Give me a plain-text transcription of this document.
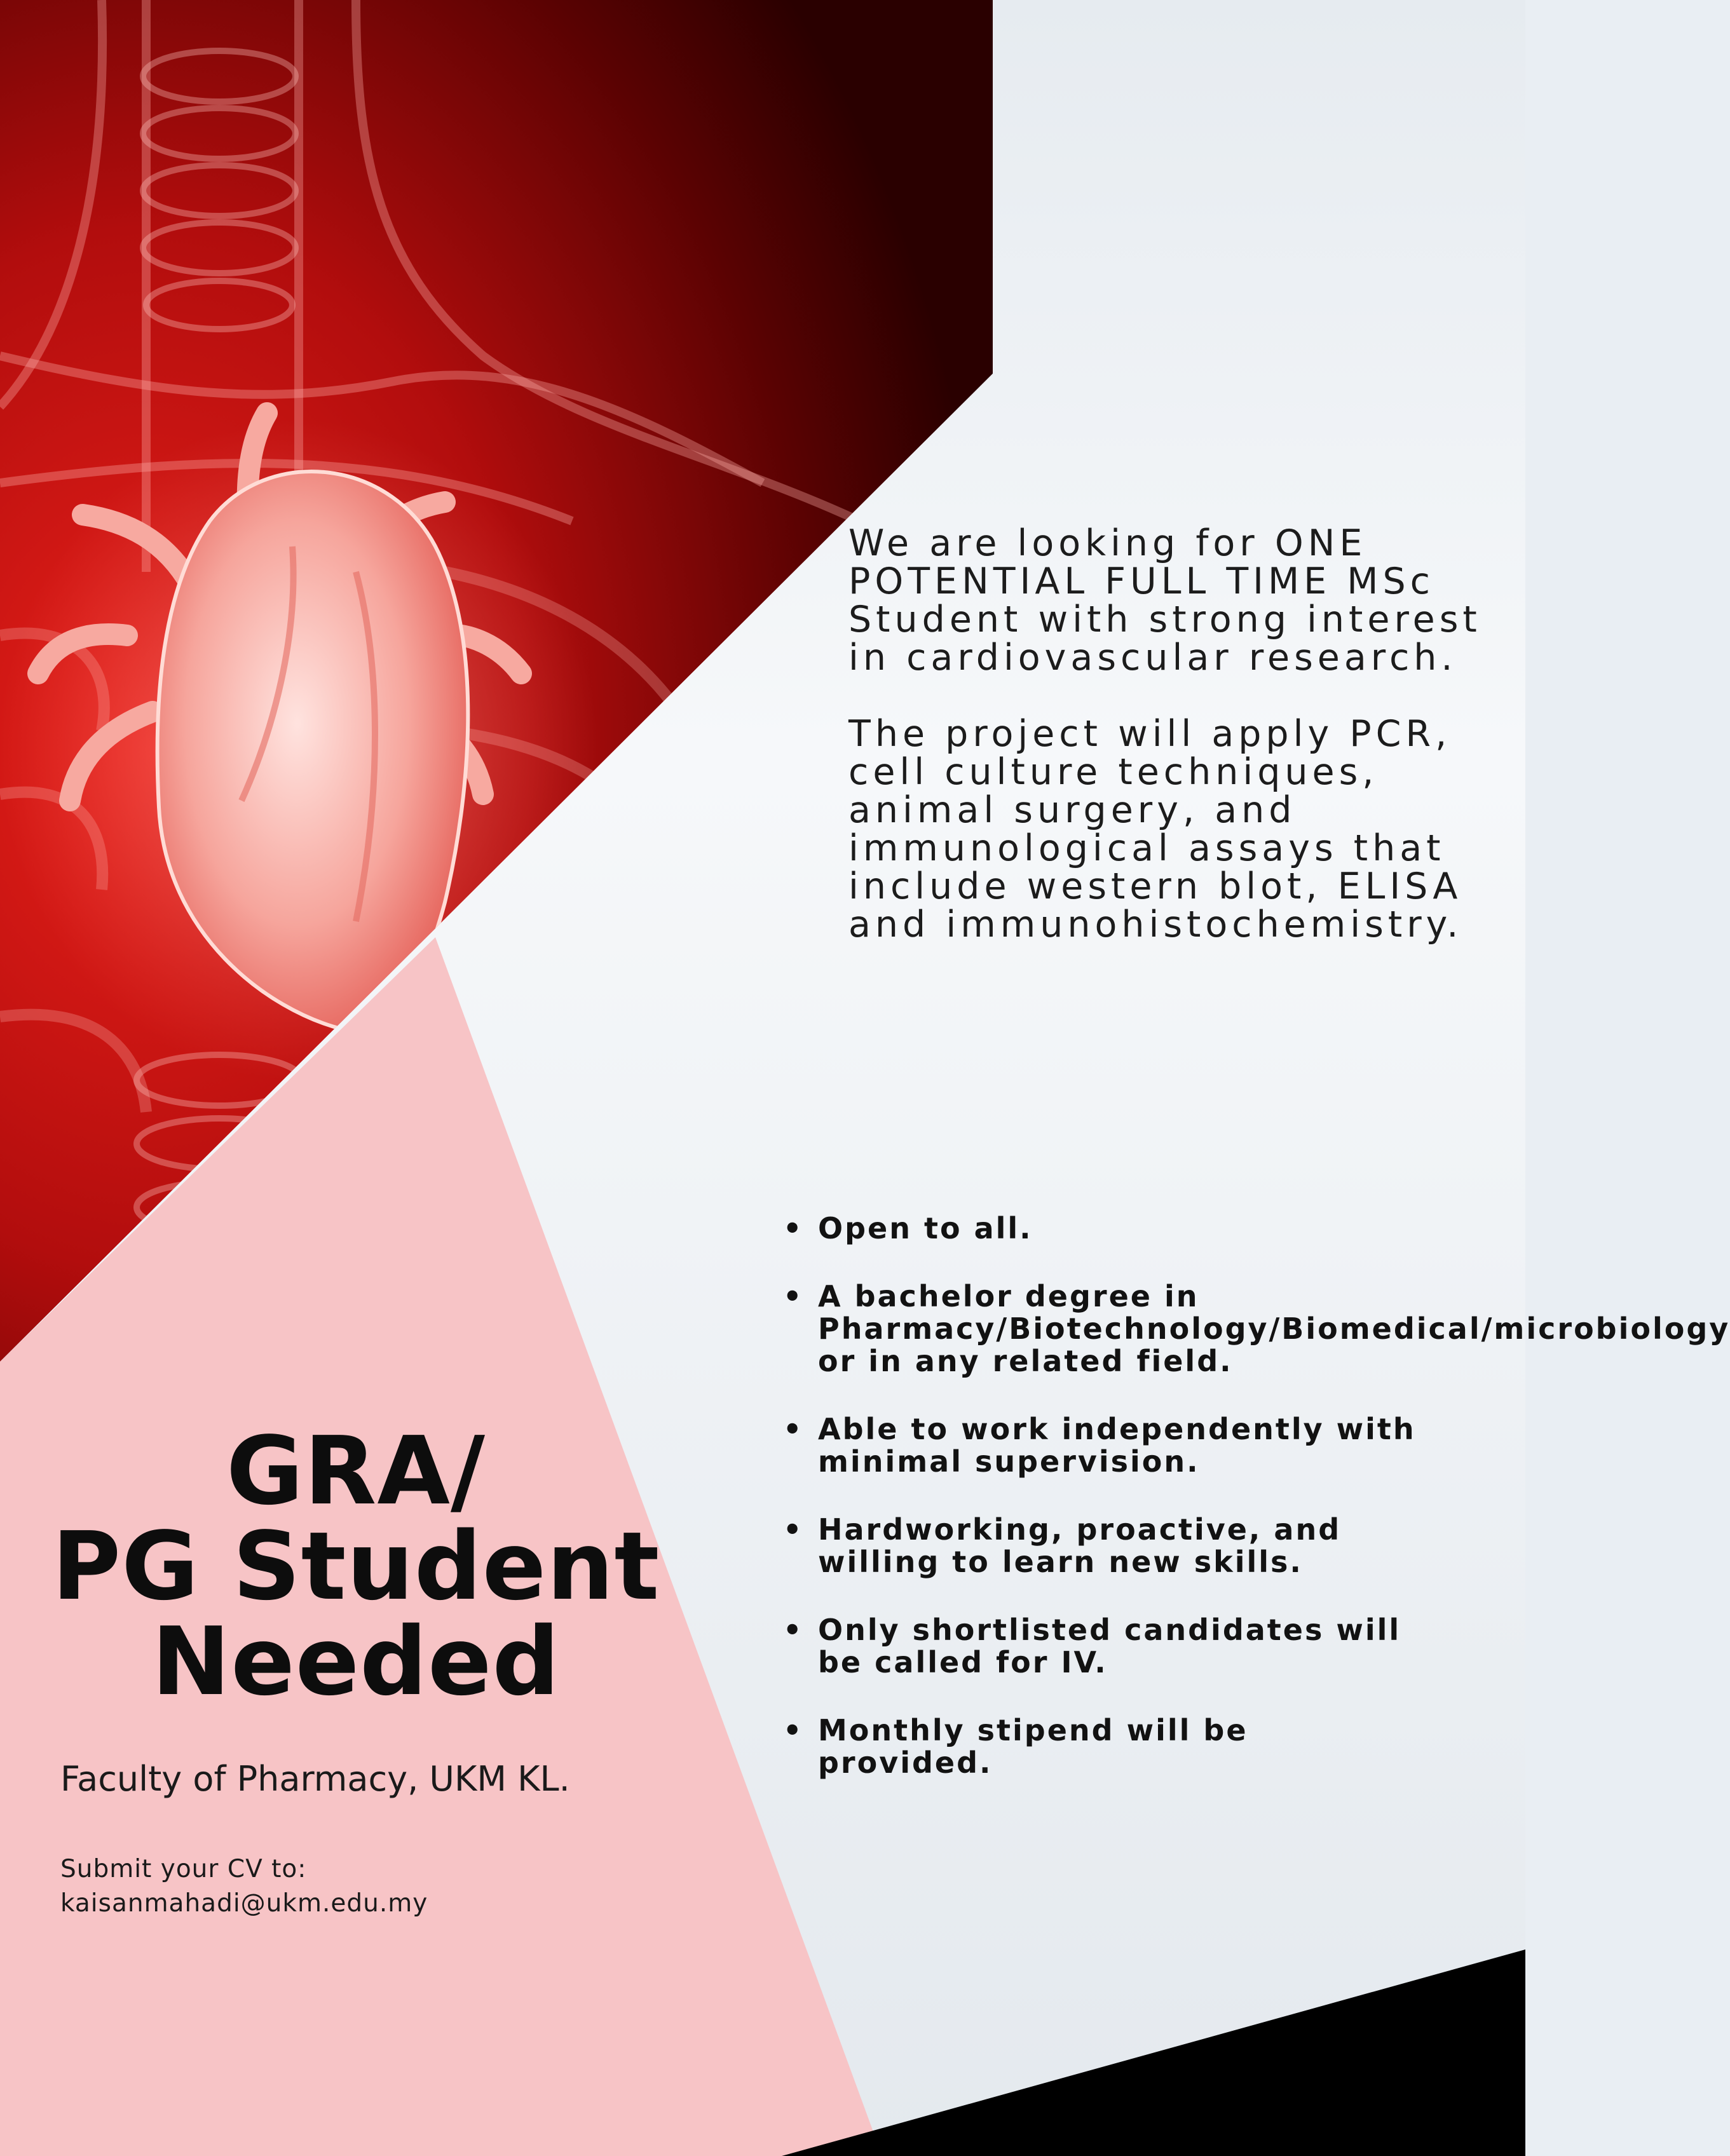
We are looking for ONE POTENTIAL FULL TIME MSc Student with strong interest in cardiovascular research.

The project will apply PCR, cell culture techniques, animal surgery, and immunological assays that include western blot, ELISA and immunohistochemistry.

• Open to all.
• A bachelor degree in Pharmacy/Biotechnology/Biomedical/microbiology or in any related field.
• Able to work independently with minimal supervision.
• Hardworking, proactive, and willing to learn new skills.
• Only shortlisted candidates will be called for IV.
• Monthly stipend will be provided.
GRA/
PG Student
Needed
Faculty of Pharmacy, UKM KL.
Submit your CV to:
kaisanmahadi@ukm.edu.my
